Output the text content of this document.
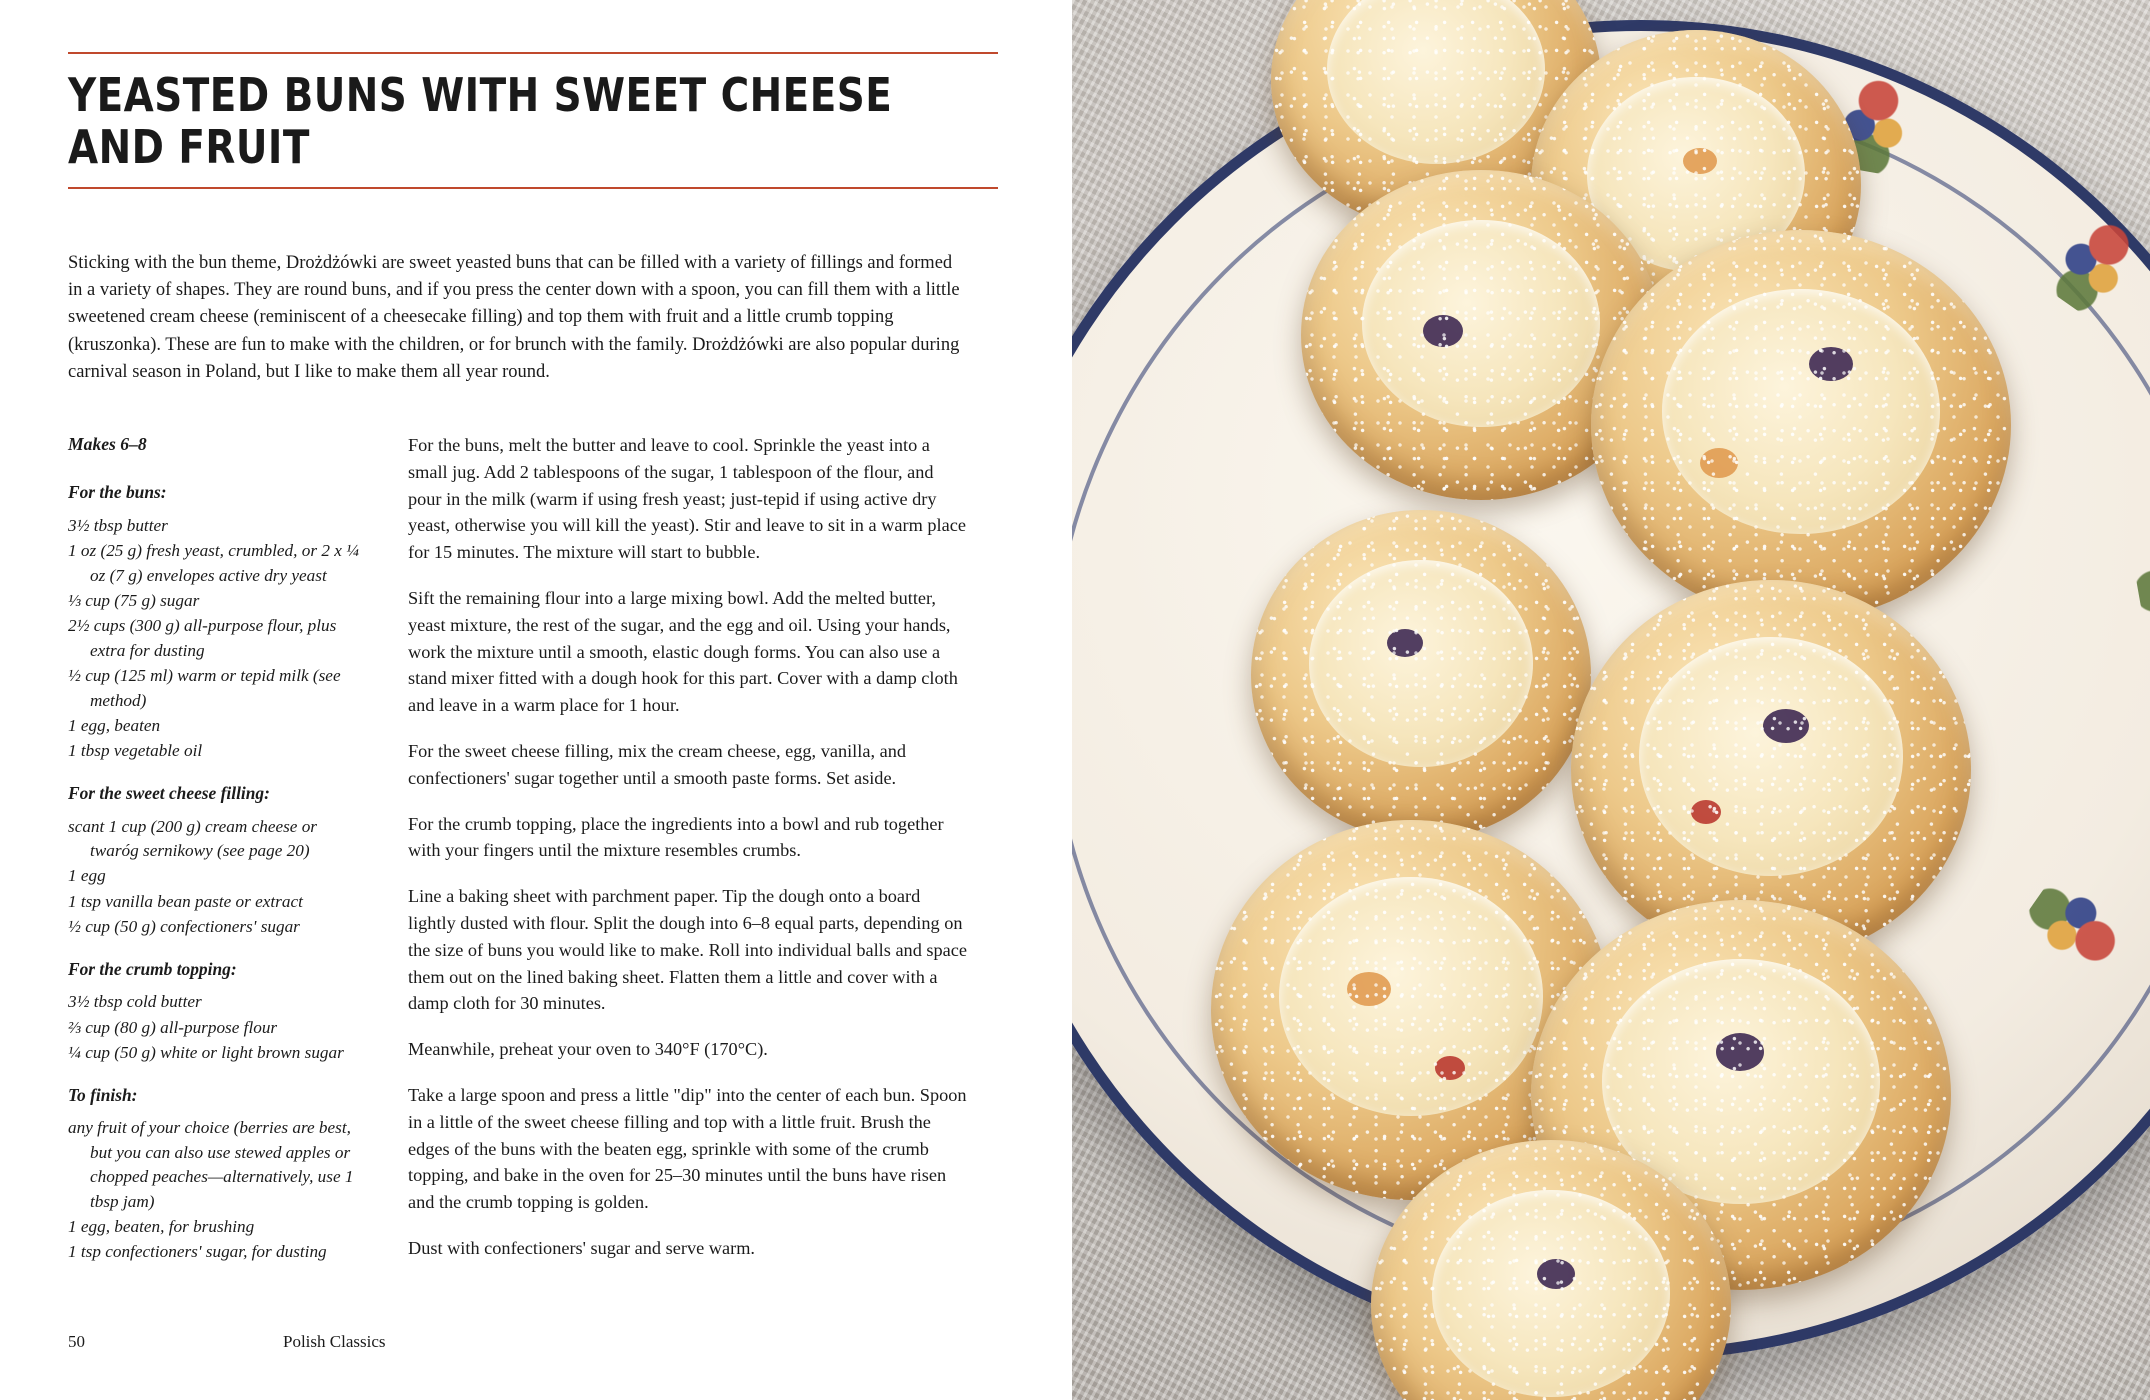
YEASTED BUNS WITH SWEET CHEESE AND FRUIT
Sticking with the bun theme, Drożdżówki are sweet yeasted buns that can be filled with a variety of fillings and formed in a variety of shapes. They are round buns, and if you press the center down with a spoon, you can fill them with a little sweetened cream cheese (reminiscent of a cheesecake filling) and top them with fruit and a little crumb topping (kruszonka). These are fun to make with the children, or for brunch with the family. Drożdżówki are also popular during carnival season in Poland, but I like to make them all year round.
Makes 6–8
For the buns:
3½ tbsp butter
1 oz (25 g) fresh yeast, crumbled, or 2 x ¼ oz (7 g) envelopes active dry yeast
⅓ cup (75 g) sugar
2½ cups (300 g) all-purpose flour, plus extra for dusting
½ cup (125 ml) warm or tepid milk (see method)
1 egg, beaten
1 tbsp vegetable oil
For the sweet cheese filling:
scant 1 cup (200 g) cream cheese or twaróg sernikowy (see page 20)
1 egg
1 tsp vanilla bean paste or extract
½ cup (50 g) confectioners' sugar
For the crumb topping:
3½ tbsp cold butter
⅔ cup (80 g) all-purpose flour
¼ cup (50 g) white or light brown sugar
To finish:
any fruit of your choice (berries are best, but you can also use stewed apples or chopped peaches—alternatively, use 1 tbsp jam)
1 egg, beaten, for brushing
1 tsp confectioners' sugar, for dusting

For the buns, melt the butter and leave to cool. Sprinkle the yeast into a small jug. Add 2 tablespoons of the sugar, 1 tablespoon of the flour, and pour in the milk (warm if using fresh yeast; just-tepid if using active dry yeast, otherwise you will kill the yeast). Stir and leave to sit in a warm place for 15 minutes. The mixture will start to bubble.

Sift the remaining flour into a large mixing bowl. Add the melted butter, yeast mixture, the rest of the sugar, and the egg and oil. Using your hands, work the mixture until a smooth, elastic dough forms. You can also use a stand mixer fitted with a dough hook for this part. Cover with a damp cloth and leave in a warm place for 1 hour.

For the sweet cheese filling, mix the cream cheese, egg, vanilla, and confectioners' sugar together until a smooth paste forms. Set aside.

For the crumb topping, place the ingredients into a bowl and rub together with your fingers until the mixture resembles crumbs.

Line a baking sheet with parchment paper. Tip the dough onto a board lightly dusted with flour. Split the dough into 6–8 equal parts, depending on the size of buns you would like to make. Roll into individual balls and space them out on the lined baking sheet. Flatten them a little and cover with a damp cloth for 30 minutes.

Meanwhile, preheat your oven to 340°F (170°C).

Take a large spoon and press a little "dip" into the center of each bun. Spoon in a little of the sweet cheese filling and top with a little fruit. Brush the edges of the buns with the beaten egg, sprinkle with some of the crumb topping, and bake in the oven for 25–30 minutes until the buns have risen and the crumb topping is golden.

Dust with confectioners' sugar and serve warm.

50	Polish Classics
